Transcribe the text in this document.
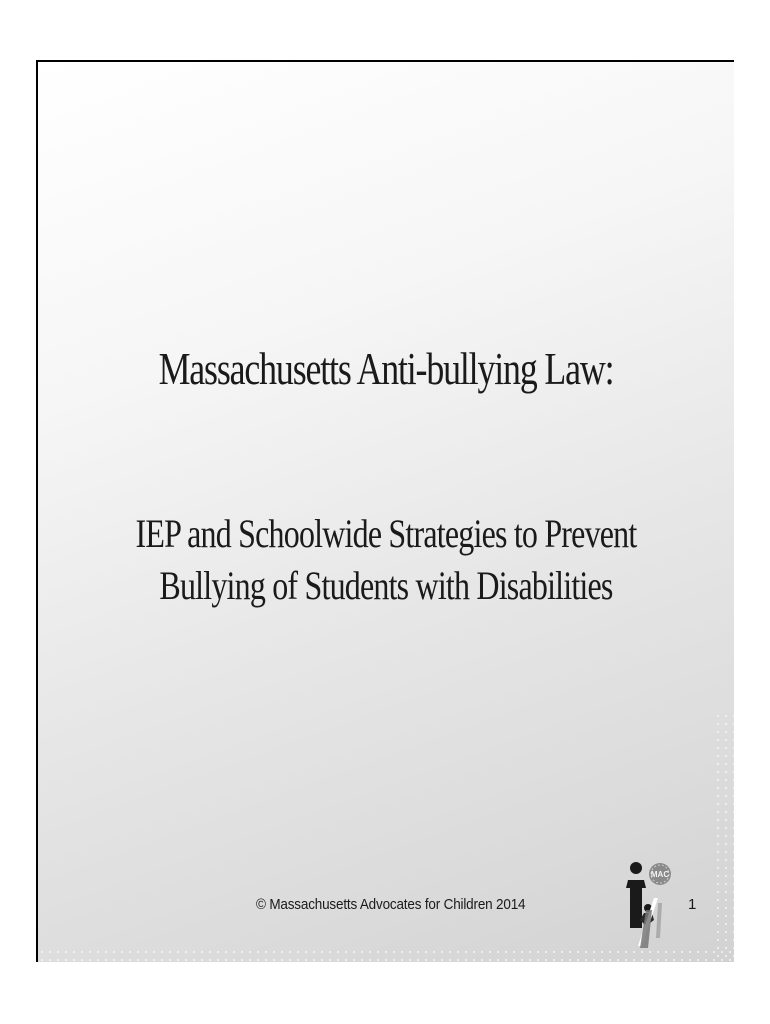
Massachusetts Anti-bullying Law:
IEP and Schoolwide Strategies to Prevent
Bullying of Students with Disabilities
© Massachusetts Advocates for Children 2014
MAC
1
